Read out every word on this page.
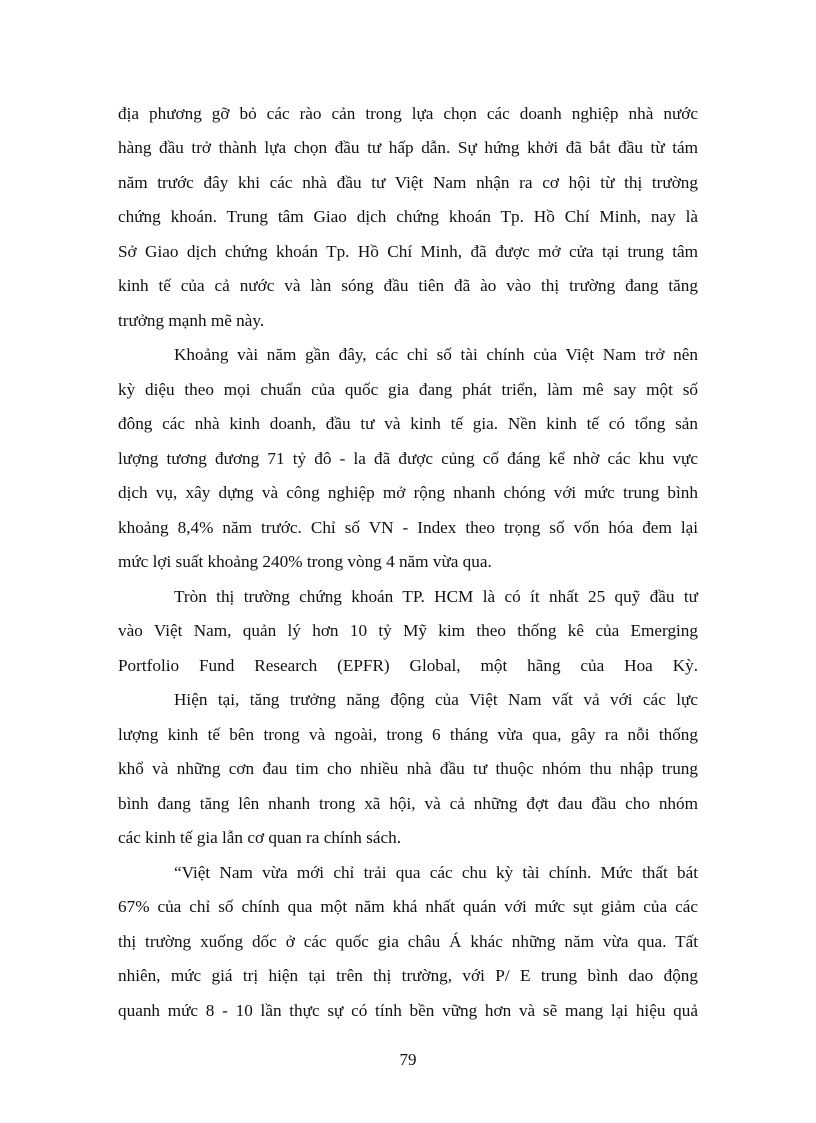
địa phương gỡ bỏ các rào cản trong lựa chọn các doanh nghiệp nhà nước
hàng đầu trở thành lựa chọn đầu tư hấp dẫn. Sự hứng khởi đã bắt đầu từ tám
năm trước đây khi các nhà đầu tư Việt Nam nhận ra cơ hội từ thị trường
chứng khoán. Trung tâm Giao dịch chứng khoán Tp. Hồ Chí Minh, nay là
Sở Giao dịch chứng khoán Tp. Hồ Chí Minh, đã được mở cửa tại trung tâm
kinh tế của cả nước và làn sóng đầu tiên đã ào vào thị trường đang tăng
trưởng mạnh mẽ này.
Khoảng vài năm gần đây, các chỉ số tài chính của Việt Nam trở nên
kỳ diệu theo mọi chuẩn của quốc gia đang phát triển, làm mê say một số
đông các nhà kinh doanh, đầu tư và kinh tế gia. Nền kinh tế có tổng sản
lượng tương đương 71 tỷ đô - la đã được củng cố đáng kể nhờ các khu vực
dịch vụ, xây dựng và công nghiệp mở rộng nhanh chóng với mức trung bình
khoảng 8,4% năm trước. Chỉ số VN - Index theo trọng số vốn hóa đem lại
mức lợi suất khoảng 240% trong vòng 4 năm vừa qua.
Tròn thị trường chứng khoán TP. HCM là có ít nhất 25 quỹ đầu tư
vào Việt Nam, quản lý hơn 10 tỷ Mỹ kim theo thống kê của Emerging
Portfolio Fund Research (EPFR) Global, một hãng của Hoa Kỳ.
Hiện tại, tăng trưởng năng động của Việt Nam vất vả với các lực
lượng kinh tế bên trong và ngoài, trong 6 tháng vừa qua, gây ra nỗi thống
khổ và những cơn đau tim cho nhiều nhà đầu tư thuộc nhóm thu nhập trung
bình đang tăng lên nhanh trong xã hội, và cả những đợt đau đầu cho nhóm
các kinh tế gia lẫn cơ quan ra chính sách.
“Việt Nam vừa mới chỉ trải qua các chu kỳ tài chính. Mức thất bát
67% của chỉ số chính qua một năm khá nhất quán với mức sụt giảm của các
thị trường xuống dốc ở các quốc gia châu Á khác những năm vừa qua. Tất
nhiên, mức giá trị hiện tại trên thị trường, với P/ E trung bình dao động
quanh mức 8 - 10 lần thực sự có tính bền vững hơn và sẽ mang lại hiệu quả
79
